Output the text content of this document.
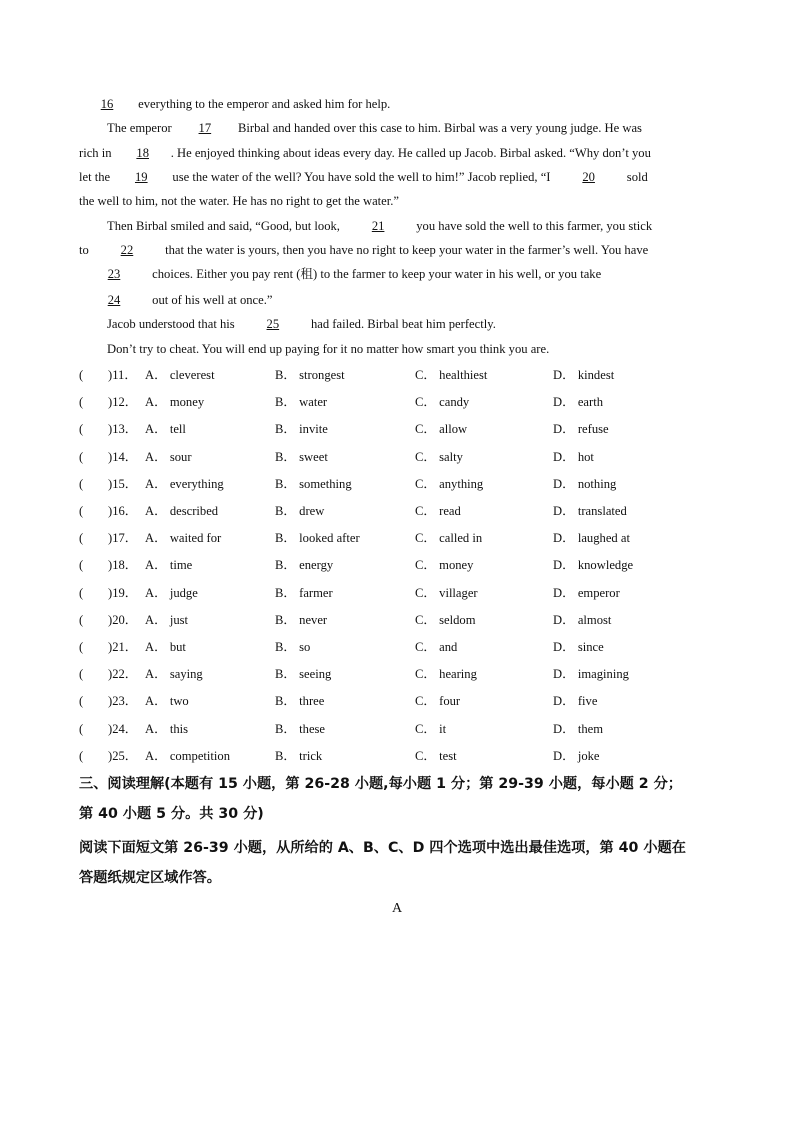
16 everything to the emperor and asked him for help.
The emperor 17 Birbal and handed over this case to him. Birbal was a very young judge. He was
rich in 18 . He enjoyed thinking about ideas every day. He called up Jacob. Birbal asked. “Why don’t you
let the 19 use the water of the well? You have sold the well to him!” Jacob replied, “I 20 sold
the well to him, not the water. He has no right to get the water.”
Then Birbal smiled and said, “Good, but look, 21 you have sold the well to this farmer, you stick
to 22 that the water is yours, then you have no right to keep your water in the farmer’s well. You have
23 choices. Either you pay rent (租) to the farmer to keep your water in his well, or you take
24 out of his well at once.”
Jacob understood that his 25 had failed. Birbal beat him perfectly.
Don’t try to cheat. You will end up paying for it no matter how smart you think you are.
( )11． A． cleverest	B． strongest	C． healthiest	D． kindest
( )12． A． money	B． water	C． candy	D． earth
( )13． A． tell	B． invite	C． allow	D． refuse
( )14． A． sour	B． sweet	C． salty	D． hot
( )15． A． everything	B． something	C． anything	D． nothing
( )16． A． described	B． drew	C． read	D． translated
( )17． A． waited for	B． looked after	C． called in	D． laughed at
( )18． A． time	B． energy	C． money	D． knowledge
( )19． A． judge	B． farmer	C． villager	D． emperor
( )20． A． just	B． never	C． seldom	D． almost
( )21． A． but	B． so	C． and	D． since
( )22． A． saying	B． seeing	C． hearing	D． imagining
( )23． A． two	B． three	C． four	D． five
( )24． A． this	B． these	C． it	D． them
( )25． A． competition	B． trick	C． test	D． joke
三、阅读理解(本题有 15 小题，第 26-28 小题,每小题 1 分；第 29-39 小题，每小题 2 分；
第 40 小题 5 分。共 30 分)
阅读下面短文第 26-39 小题，从所给的 A、B、C、D 四个选项中选出最佳选项，第 40 小题在
答题纸规定区域作答。
A
